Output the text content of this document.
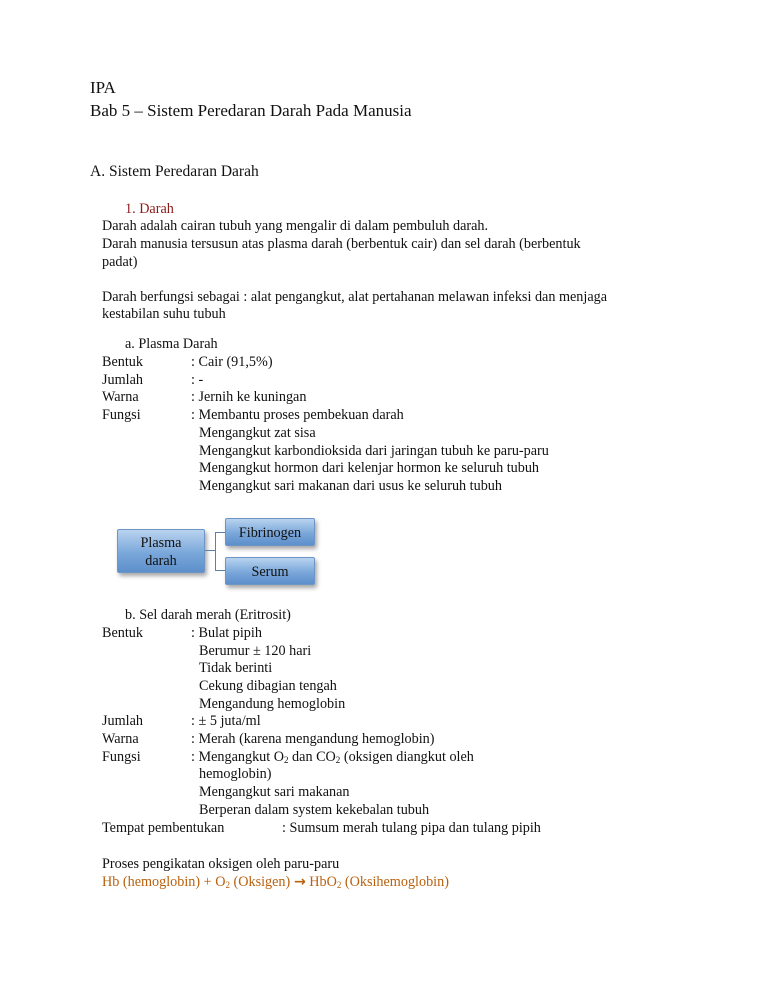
IPA
Bab 5 – Sistem Peredaran Darah Pada Manusia
A. Sistem Peredaran Darah
1. Darah
Darah adalah cairan tubuh yang mengalir di dalam pembuluh darah.
Darah manusia tersusun atas plasma darah (berbentuk cair) dan sel darah (berbentuk
padat)
Darah berfungsi sebagai : alat pengangkut, alat pertahanan melawan infeksi dan menjaga
kestabilan suhu tubuh
a. Plasma Darah
Bentuk	: Cair (91,5%)
Jumlah	: -
Warna	: Jernih ke kuningan
Fungsi	: Membantu proses pembekuan darah
Mengangkut zat sisa
Mengangkut karbondioksida dari jaringan tubuh ke paru-paru
Mengangkut hormon dari kelenjar hormon ke seluruh tubuh
Mengangkut sari makanan dari usus ke seluruh tubuh
Plasma
darah
Fibrinogen
Serum
b. Sel darah merah (Eritrosit)
Bentuk	: Bulat pipih
Berumur ± 120 hari
Tidak berinti
Cekung dibagian tengah
Mengandung hemoglobin
Jumlah	: ± 5 juta/ml
Warna	: Merah (karena mengandung hemoglobin)
Fungsi	: Mengangkut $O_2$ dan $CO_2$ (oksigen diangkut oleh
hemoglobin)
Mengangkut sari makanan
Berperan dalam system kekebalan tubuh
Tempat pembentukan	: Sumsum merah tulang pipa dan tulang pipih
Proses pengikatan oksigen oleh paru-paru
Hb (hemoglobin) + $O_2$ (Oksigen) → HbO$_2$ (Oksihemoglobin)
